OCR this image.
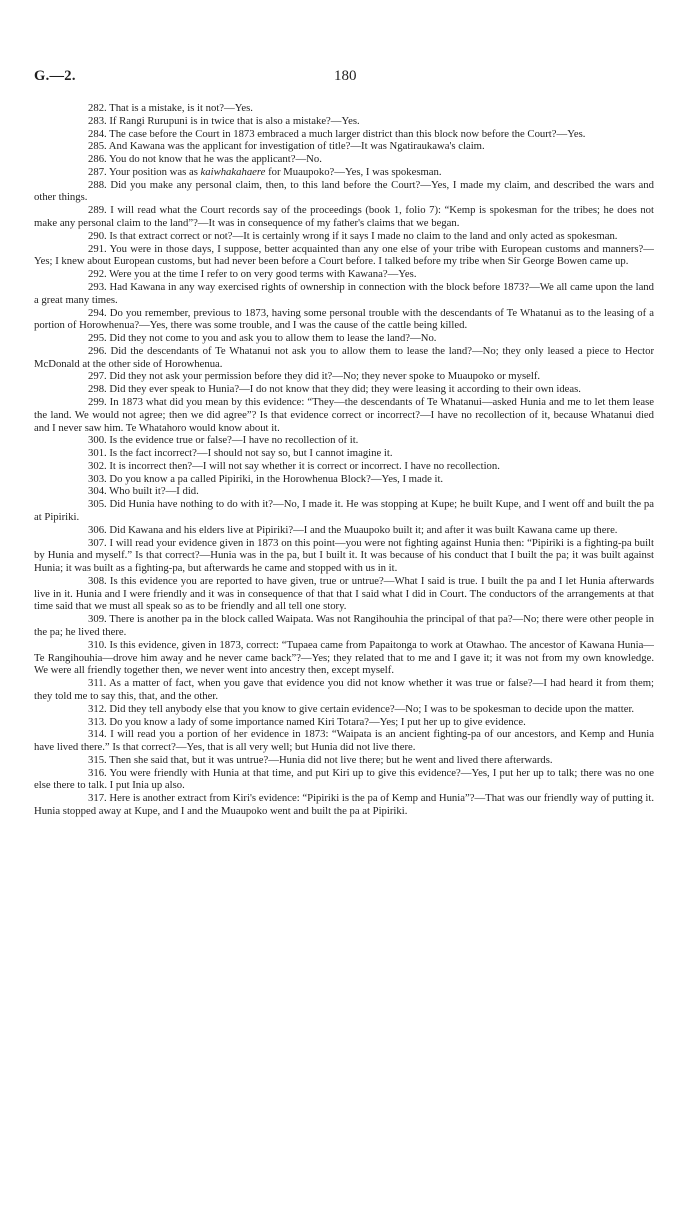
G.—2.	180

282. That is a mistake, is it not?—Yes.

283. If Rangi Rurupuni is in twice that is also a mistake?—Yes.

284. The case before the Court in 1873 embraced a much larger district than this block now before the Court?—Yes.

285. And Kawana was the applicant for investigation of title?—It was Ngatiraukawa's claim.

286. You do not know that he was the applicant?—No.

287. Your position was as kaiwhakahaere for Muaupoko?—Yes, I was spokesman.

288. Did you make any personal claim, then, to this land before the Court?—Yes, I made my claim, and described the wars and other things.

289. I will read what the Court records say of the proceedings (book 1, folio 7): “Kemp is spokesman for the tribes; he does not make any personal claim to the land”?—It was in consequence of my father's claims that we began.

290. Is that extract correct or not?—It is certainly wrong if it says I made no claim to the land and only acted as spokesman.

291. You were in those days, I suppose, better acquainted than any one else of your tribe with European customs and manners?—Yes; I knew about European customs, but had never been before a Court before. I talked before my tribe when Sir George Bowen came up.

292. Were you at the time I refer to on very good terms with Kawana?—Yes.

293. Had Kawana in any way exercised rights of ownership in connection with the block before 1873?—We all came upon the land a great many times.

294. Do you remember, previous to 1873, having some personal trouble with the descendants of Te Whatanui as to the leasing of a portion of Horowhenua?—Yes, there was some trouble, and I was the cause of the cattle being killed.

295. Did they not come to you and ask you to allow them to lease the land?—No.

296. Did the descendants of Te Whatanui not ask you to allow them to lease the land?—No; they only leased a piece to Hector McDonald at the other side of Horowhenua.

297. Did they not ask your permission before they did it?—No; they never spoke to Muaupoko or myself.

298. Did they ever speak to Hunia?—I do not know that they did; they were leasing it according to their own ideas.

299. In 1873 what did you mean by this evidence: “They—the descendants of Te Whatanui—asked Hunia and me to let them lease the land. We would not agree; then we did agree”? Is that evidence correct or incorrect?—I have no recollection of it, because Whatanui died and I never saw him. Te Whatahoro would know about it.

300. Is the evidence true or false?—I have no recollection of it.

301. Is the fact incorrect?—I should not say so, but I cannot imagine it.

302. It is incorrect then?—I will not say whether it is correct or incorrect. I have no recollection.

303. Do you know a pa called Pipiriki, in the Horowhenua Block?—Yes, I made it.

304. Who built it?—I did.

305. Did Hunia have nothing to do with it?—No, I made it. He was stopping at Kupe; he built Kupe, and I went off and built the pa at Pipiriki.

306. Did Kawana and his elders live at Pipiriki?—I and the Muaupoko built it; and after it was built Kawana came up there.

307. I will read your evidence given in 1873 on this point—you were not fighting against Hunia then: “Pipiriki is a fighting-pa built by Hunia and myself.” Is that correct?—Hunia was in the pa, but I built it. It was because of his conduct that I built the pa; it was built against Hunia; it was built as a fighting-pa, but afterwards he came and stopped with us in it.

308. Is this evidence you are reported to have given, true or untrue?—What I said is true. I built the pa and I let Hunia afterwards live in it. Hunia and I were friendly and it was in consequence of that that I said what I did in Court. The conductors of the arrangements at that time said that we must all speak so as to be friendly and all tell one story.

309. There is another pa in the block called Waipata. Was not Rangihouhia the principal of that pa?—No; there were other people in the pa; he lived there.

310. Is this evidence, given in 1873, correct: “Tupaea came from Papaitonga to work at Otawhao. The ancestor of Kawana Hunia—Te Rangihouhia—drove him away and he never came back”?—Yes; they related that to me and I gave it; it was not from my own knowledge. We were all friendly together then, we never went into ancestry then, except myself.

311. As a matter of fact, when you gave that evidence you did not know whether it was true or false?—I had heard it from them; they told me to say this, that, and the other.

312. Did they tell anybody else that you know to give certain evidence?—No; I was to be spokesman to decide upon the matter.

313. Do you know a lady of some importance named Kiri Totara?—Yes; I put her up to give evidence.

314. I will read you a portion of her evidence in 1873: “Waipata is an ancient fighting-pa of our ancestors, and Kemp and Hunia have lived there.” Is that correct?—Yes, that is all very well; but Hunia did not live there.

315. Then she said that, but it was untrue?—Hunia did not live there; but he went and lived there afterwards.

316. You were friendly with Hunia at that time, and put Kiri up to give this evidence?—Yes, I put her up to talk; there was no one else there to talk. I put Inia up also.

317. Here is another extract from Kiri's evidence: “Pipiriki is the pa of Kemp and Hunia”?—That was our friendly way of putting it. Hunia stopped away at Kupe, and I and the Muaupoko went and built the pa at Pipiriki.
